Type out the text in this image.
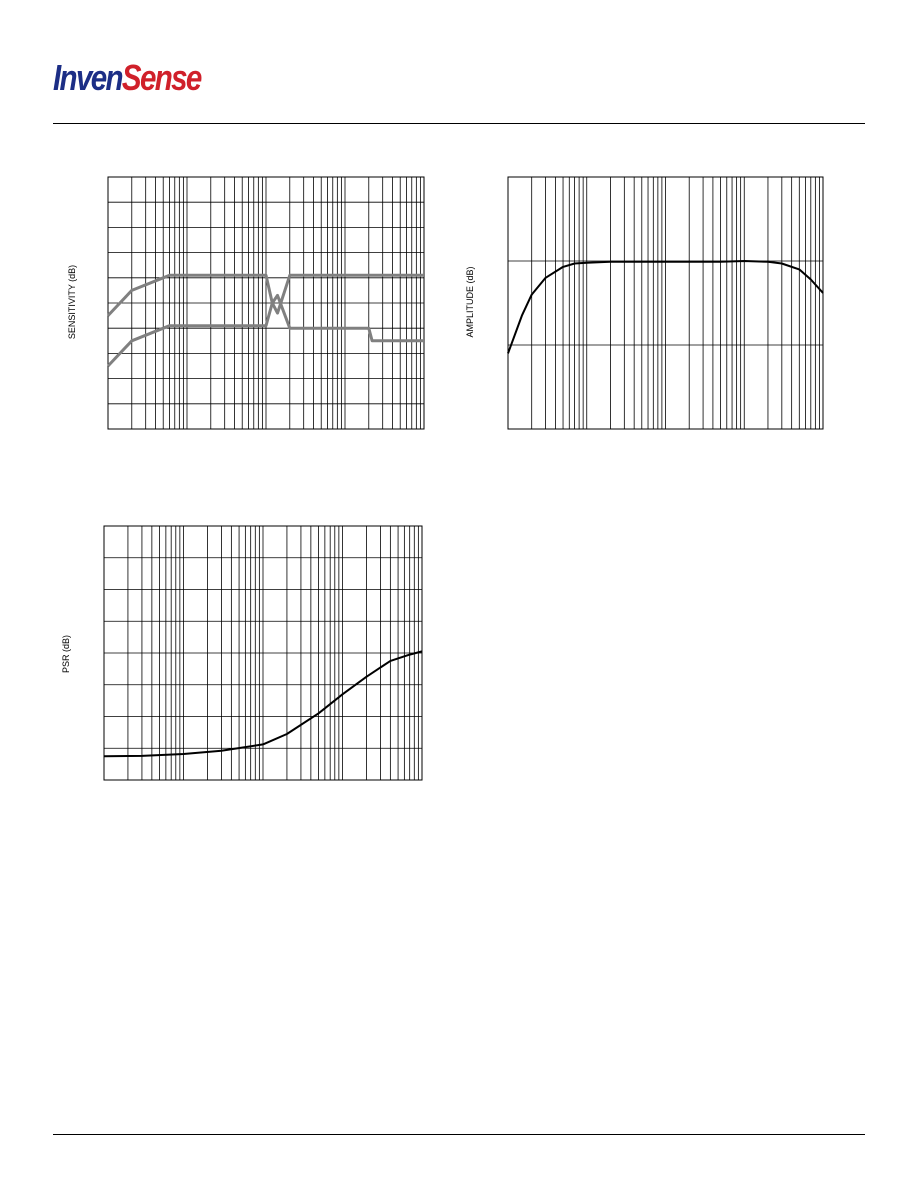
InvenSense
SENSITIVITY (dB)	AMPLITUDE (dB)
PSR (dB)
